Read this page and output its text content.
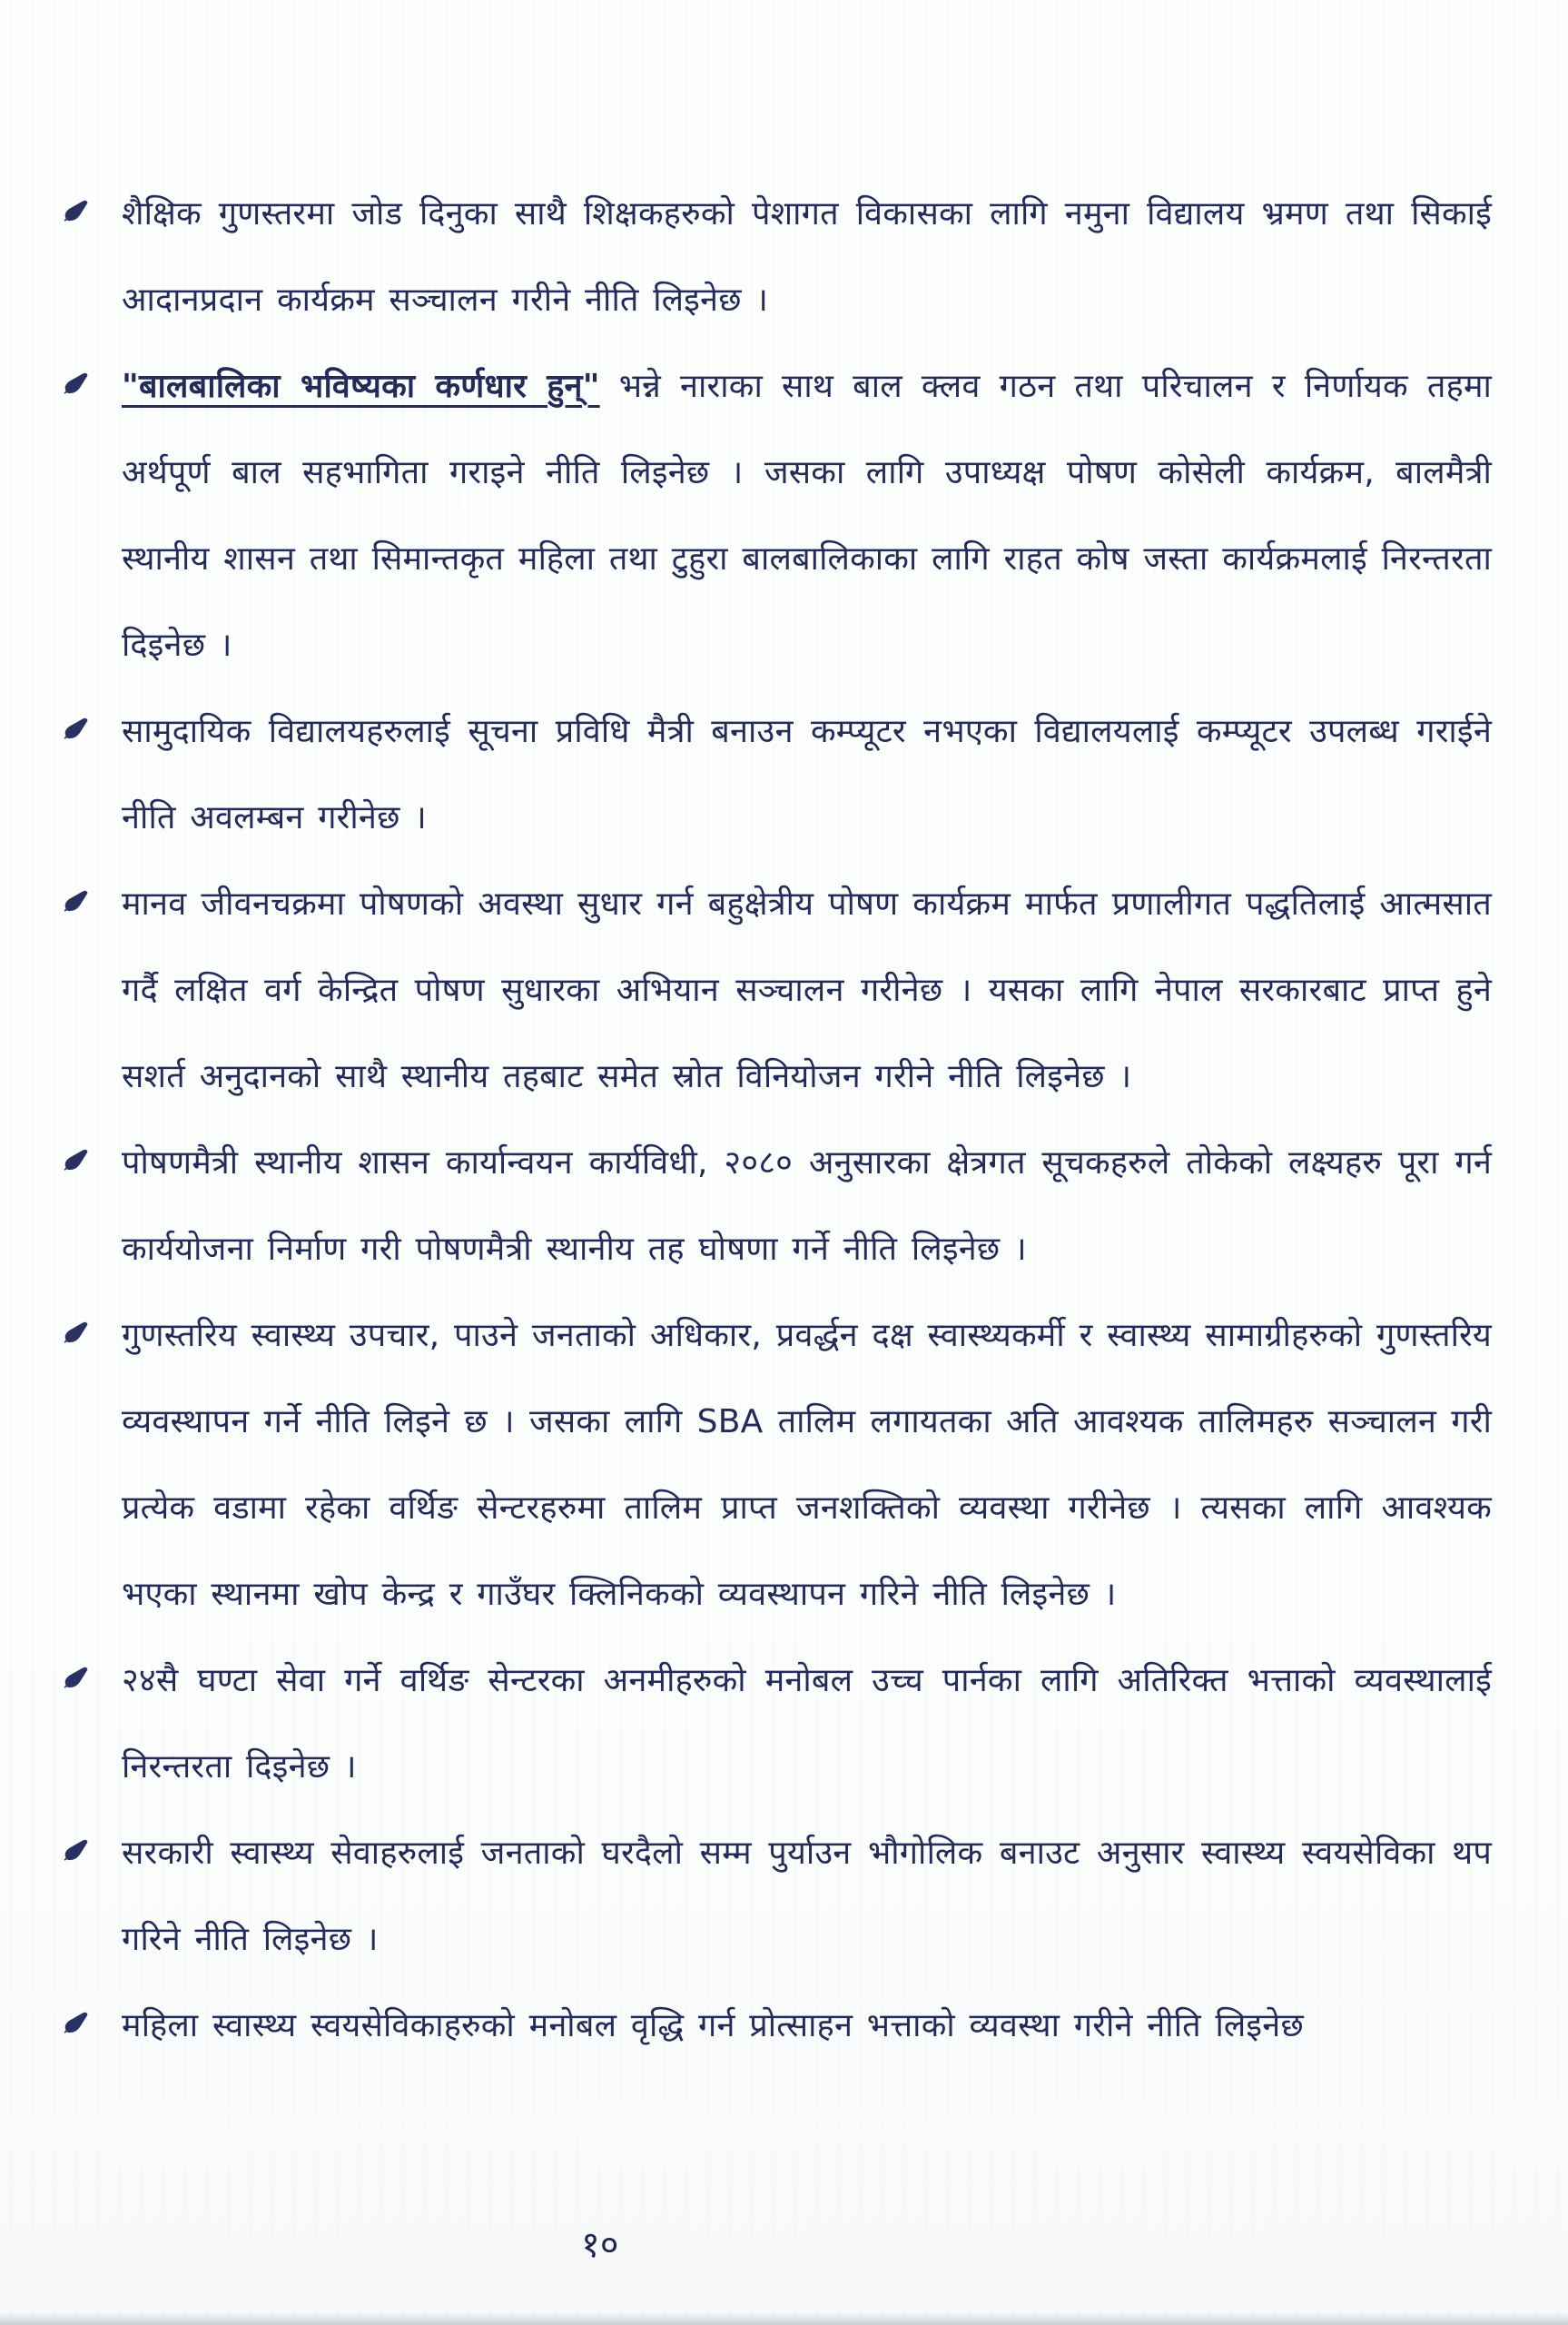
शैक्षिक गुणस्तरमा जोड दिनुका साथै शिक्षकहरुको पेशागत विकासका लागि नमुना विद्यालय भ्रमण तथा सिकाई आदानप्रदान कार्यक्रम सञ्चालन गरीने नीति लिइनेछ ।
"बालबालिका भविष्यका कर्णधार हुन्" भन्ने नाराका साथ बाल क्लव गठन तथा परिचालन र निर्णायक तहमा अर्थपूर्ण बाल सहभागिता गराइने नीति लिइनेछ । जसका लागि उपाध्यक्ष पोषण कोसेली कार्यक्रम, बालमैत्री स्थानीय शासन तथा सिमान्तकृत महिला तथा टुहुरा बालबालिकाका लागि राहत कोष जस्ता कार्यक्रमलाई निरन्तरता दिइनेछ ।
सामुदायिक विद्यालयहरुलाई सूचना प्रविधि मैत्री बनाउन कम्प्यूटर नभएका विद्यालयलाई कम्प्यूटर उपलब्ध गराईने नीति अवलम्बन गरीनेछ ।
मानव जीवनचक्रमा पोषणको अवस्था सुधार गर्न बहुक्षेत्रीय पोषण कार्यक्रम मार्फत प्रणालीगत पद्धतिलाई आत्मसात गर्दै लक्षित वर्ग केन्द्रित पोषण सुधारका अभियान सञ्चालन गरीनेछ । यसका लागि नेपाल सरकारबाट प्राप्त हुने सशर्त अनुदानको साथै स्थानीय तहबाट समेत स्रोत विनियोजन गरीने नीति लिइनेछ ।
पोषणमैत्री स्थानीय शासन कार्यान्वयन कार्यविधी, २०८० अनुसारका क्षेत्रगत सूचकहरुले तोकेको लक्ष्यहरु पूरा गर्न कार्ययोजना निर्माण गरी पोषणमैत्री स्थानीय तह घोषणा गर्ने नीति लिइनेछ ।
गुणस्तरिय स्वास्थ्य उपचार, पाउने जनताको अधिकार, प्रवर्द्धन दक्ष स्वास्थ्यकर्मी र स्वास्थ्य सामाग्रीहरुको गुणस्तरिय व्यवस्थापन गर्ने नीति लिइने छ । जसका लागि SBA तालिम लगायतका अति आवश्यक तालिमहरु सञ्चालन गरी प्रत्येक वडामा रहेका वर्थिङ सेन्टरहरुमा तालिम प्राप्त जनशक्तिको व्यवस्था गरीनेछ । त्यसका लागि आवश्यक भएका स्थानमा खोप केन्द्र र गाउँघर क्लिनिकको व्यवस्थापन गरिने नीति लिइनेछ ।
२४सै घण्टा सेवा गर्ने वर्थिङ सेन्टरका अनमीहरुको मनोबल उच्च पार्नका लागि अतिरिक्त भत्ताको व्यवस्थालाई निरन्तरता दिइनेछ ।
सरकारी स्वास्थ्य सेवाहरुलाई जनताको घरदैलो सम्म पुर्याउन भौगोलिक बनाउट अनुसार स्वास्थ्य स्वयसेविका थप गरिने नीति लिइनेछ ।
महिला स्वास्थ्य स्वयसेविकाहरुको मनोबल वृद्धि गर्न प्रोत्साहन भत्ताको व्यवस्था गरीने नीति लिइनेछ
१०
